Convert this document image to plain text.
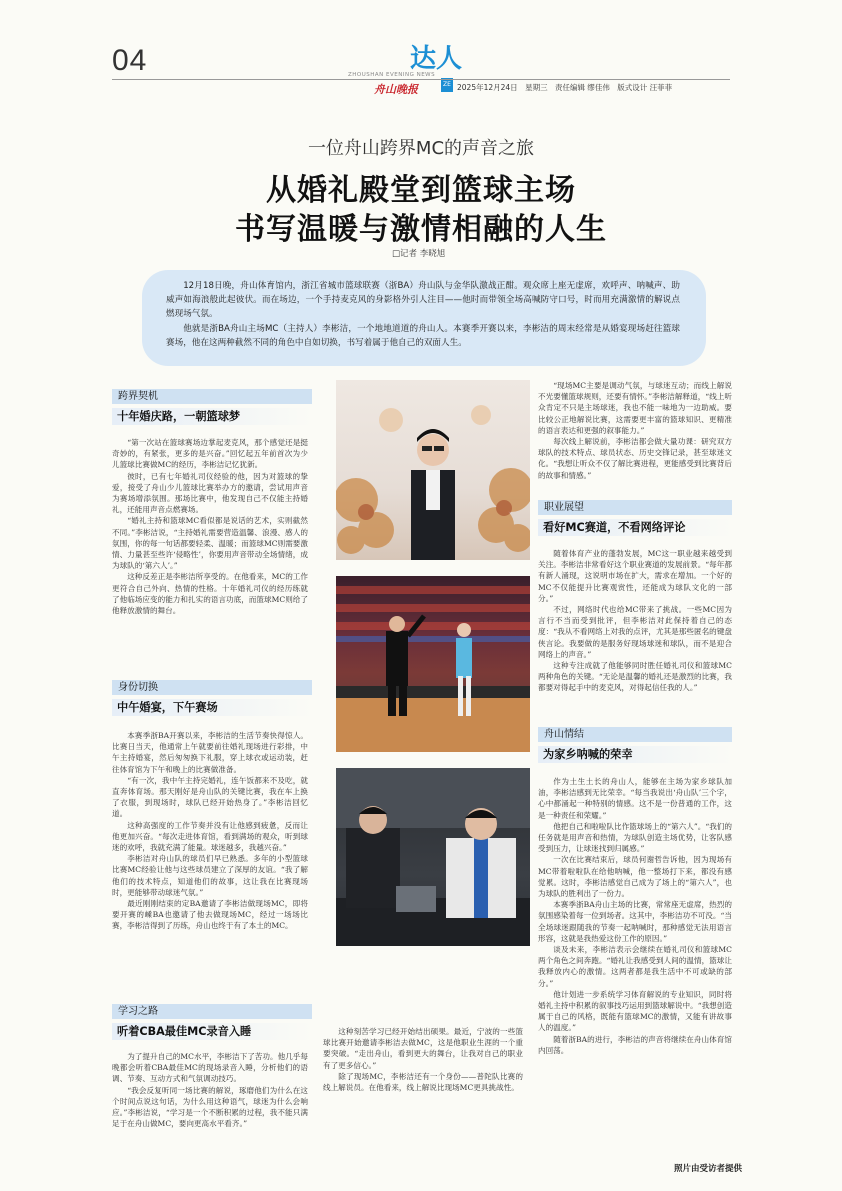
04	达人
ZHOUSHAN EVENING NEWS
舟山晚报	ZE 2025年12月24日 星期三 责任编辑 缪佳伟 版式设计 汪菲菲
一位舟山跨界MC的声音之旅
从婚礼殿堂到篮球主场
书写温暖与激情相融的人生
□记者 李晓旭

12月18日晚，舟山体育馆内，浙江省城市篮球联赛（浙BA）舟山队与金华队激战正酣。观众席上座无虚席，欢呼声、呐喊声、助威声如海浪般此起彼伏。而在场边，一个手持麦克风的身影格外引人注目——他时而带领全场高喊防守口号，时而用充满激情的解说点燃现场气氛。

他就是浙BA舟山主场MC（主持人）李彬洁，一个地地道道的舟山人。本赛季开赛以来，李彬洁的周末经常是从婚宴现场赶往篮球赛场，他在这两种截然不同的角色中自如切换，书写着属于他自己的双面人生。

跨界契机
十年婚庆路，一朝篮球梦

“第一次站在篮球赛场边掌起麦克风，那个感觉还是挺奇妙的，有紧张，更多的是兴奋。”回忆起五年前首次为少儿篮球比赛做MC的经历，李彬洁记忆犹新。

彼时，已有七年婚礼司仪经验的他，因为对篮球的挚爱，接受了舟山少儿篮球比赛举办方的邀请，尝试用声音为赛场增添氛围。那场比赛中，他发现自己不仅能主持婚礼，还能用声音点燃赛场。

“婚礼主持和篮球MC看似都是说话的艺术，实则截然不同。”李彬洁说，“主持婚礼需要营造温馨、浪漫、感人的氛围，你的每一句话都要轻柔、温暖；而篮球MC则需要激情、力量甚至些许‘侵略性’，你要用声音带动全场情绪，成为球队的‘第六人’。”

这种反差正是李彬洁所享受的。在他看来，MC的工作更符合自己外向、热情的性格。十年婚礼司仪的经历练就了他临场应变的能力和扎实的语言功底，而篮球MC则给了他释放激情的舞台。

身份切换
中午婚宴，下午赛场

本赛季浙BA开赛以来，李彬洁的生活节奏快得惊人。比赛日当天，他通常上午就要前往婚礼现场进行彩排，中午主持婚宴，然后匆匆换下礼服，穿上球衣或运动装，赶往体育馆为下午和晚上的比赛做准备。

“有一次，我中午主持完婚礼，连午饭都来不及吃，就直奔体育场。那天刚好是舟山队的关键比赛，我在车上换了衣服，到现场时，球队已经开始热身了。”李彬洁回忆道。

这种高强度的工作节奏并没有让他感到疲惫，反而让他更加兴奋。“每次走进体育馆，看到满场的观众，听到球迷的欢呼，我就充满了能量。球迷越多，我越兴奋。”

李彬洁对舟山队的球员们早已熟悉。多年的小型篮球比赛MC经验让他与这些球员建立了深厚的友谊。“我了解他们的技术特点，知道他们的故事，这让我在比赛现场时，更能够带动球迷气氛。”

最近刚刚结束的定BA邀请了李彬洁做现场MC，即将要开赛的嵊BA也邀请了他去做现场MC，经过一场场比赛，李彬洁得到了历练，舟山也终于有了本土的MC。

学习之路
听着CBA最佳MC录音入睡

为了提升自己的MC水平，李彬洁下了苦功。他几乎每晚都会听着CBA最佳MC的现场录音入睡，分析他们的语调、节奏、互动方式和气氛调动技巧。

“我会反复听同一场比赛的解说，琢磨他们为什么在这个时间点说这句话，为什么用这种语气，球迷为什么会响应。”李彬洁说，“学习是一个不断积累的过程，我不能只满足于在舟山做MC，要向更高水平看齐。”

这种刻苦学习已经开始结出硕果。最近，宁波的一些篮球比赛开始邀请李彬洁去做MC，这是他职业生涯的一个重要突破。“走出舟山，看到更大的舞台，让我对自己的职业有了更多信心。”

除了现场MC，李彬洁还有一个身份——普陀队比赛的线上解说员。在他看来，线上解说比现场MC更具挑战性。

“现场MC主要是调动气氛，与球迷互动；而线上解说不光要懂篮球规则，还要有情怀。”李彬洁解释道，“线上听众肯定不只是主场球迷，我也不能一味地为一边助威。要比较公正地解说比赛，这需要更丰富的篮球知识、更精准的语言表达和更强的叙事能力。”

每次线上解说前，李彬洁都会做大量功课：研究双方球队的技术特点、球员状态、历史交锋记录，甚至球迷文化。“我想让听众不仅了解比赛进程，更能感受到比赛背后的故事和情感。”

职业展望
看好MC赛道，不看网络评论

随着体育产业的蓬勃发展，MC这一职业越来越受到关注。李彬洁非常看好这个职业赛道的发展前景。“每年都有新人涌现，这说明市场在扩大，需求在增加。一个好的MC不仅能提升比赛观赏性，还能成为球队文化的一部分。”

不过，网络时代也给MC带来了挑战。一些MC因为言行不当而受到批评，但李彬洁对此保持着自己的态度：“我从不看网络上对我的点评，尤其是那些匿名的键盘侠言论。我要做的是服务好现场球迷和球队，而不是迎合网络上的声音。”

这种专注成就了他能够同时胜任婚礼司仪和篮球MC两种角色的关键。“无论是温馨的婚礼还是激烈的比赛，我都要对得起手中的麦克风，对得起信任我的人。”

舟山情结
为家乡呐喊的荣幸

作为土生土长的舟山人，能够在主场为家乡球队加油，李彬洁感到无比荣幸。“每当我说出‘舟山队’三个字，心中都涌起一种特别的情感。这不是一份普通的工作，这是一种责任和荣耀。”

他把自己和啦啦队比作篮球场上的“第六人”。“我们的任务就是用声音和热情，为球队创造主场优势，让客队感受到压力，让球迷找到归属感。”

一次在比赛结束后，球员何谢哲告诉他，因为现场有MC带着啦啦队在给他呐喊，他一整场打下来，都没有感觉累。这时，李彬洁感觉自己成为了场上的“第六人”，也为球队的胜利出了一份力。

本赛季浙BA舟山主场的比赛，常常座无虚席，热烈的氛围感染着每一位到场者。这其中，李彬洁功不可没。“当全场球迷跟随我的节奏一起呐喊时，那种感觉无法用语言形容，这就是我热爱这份工作的原因。”

谈及未来，李彬洁表示会继续在婚礼司仪和篮球MC两个角色之间奔跑。“婚礼让我感受到人间的温情，篮球让我释放内心的激情。这两者都是我生活中不可或缺的部分。”

他计划进一步系统学习体育解说的专业知识，同时将婚礼主持中积累的叙事技巧运用到篮球解说中。“我想创造属于自己的风格，既能有篮球MC的激情，又能有讲故事人的温度。”

随着浙BA的进行，李彬洁的声音将继续在舟山体育馆内回荡。

照片由受访者提供
